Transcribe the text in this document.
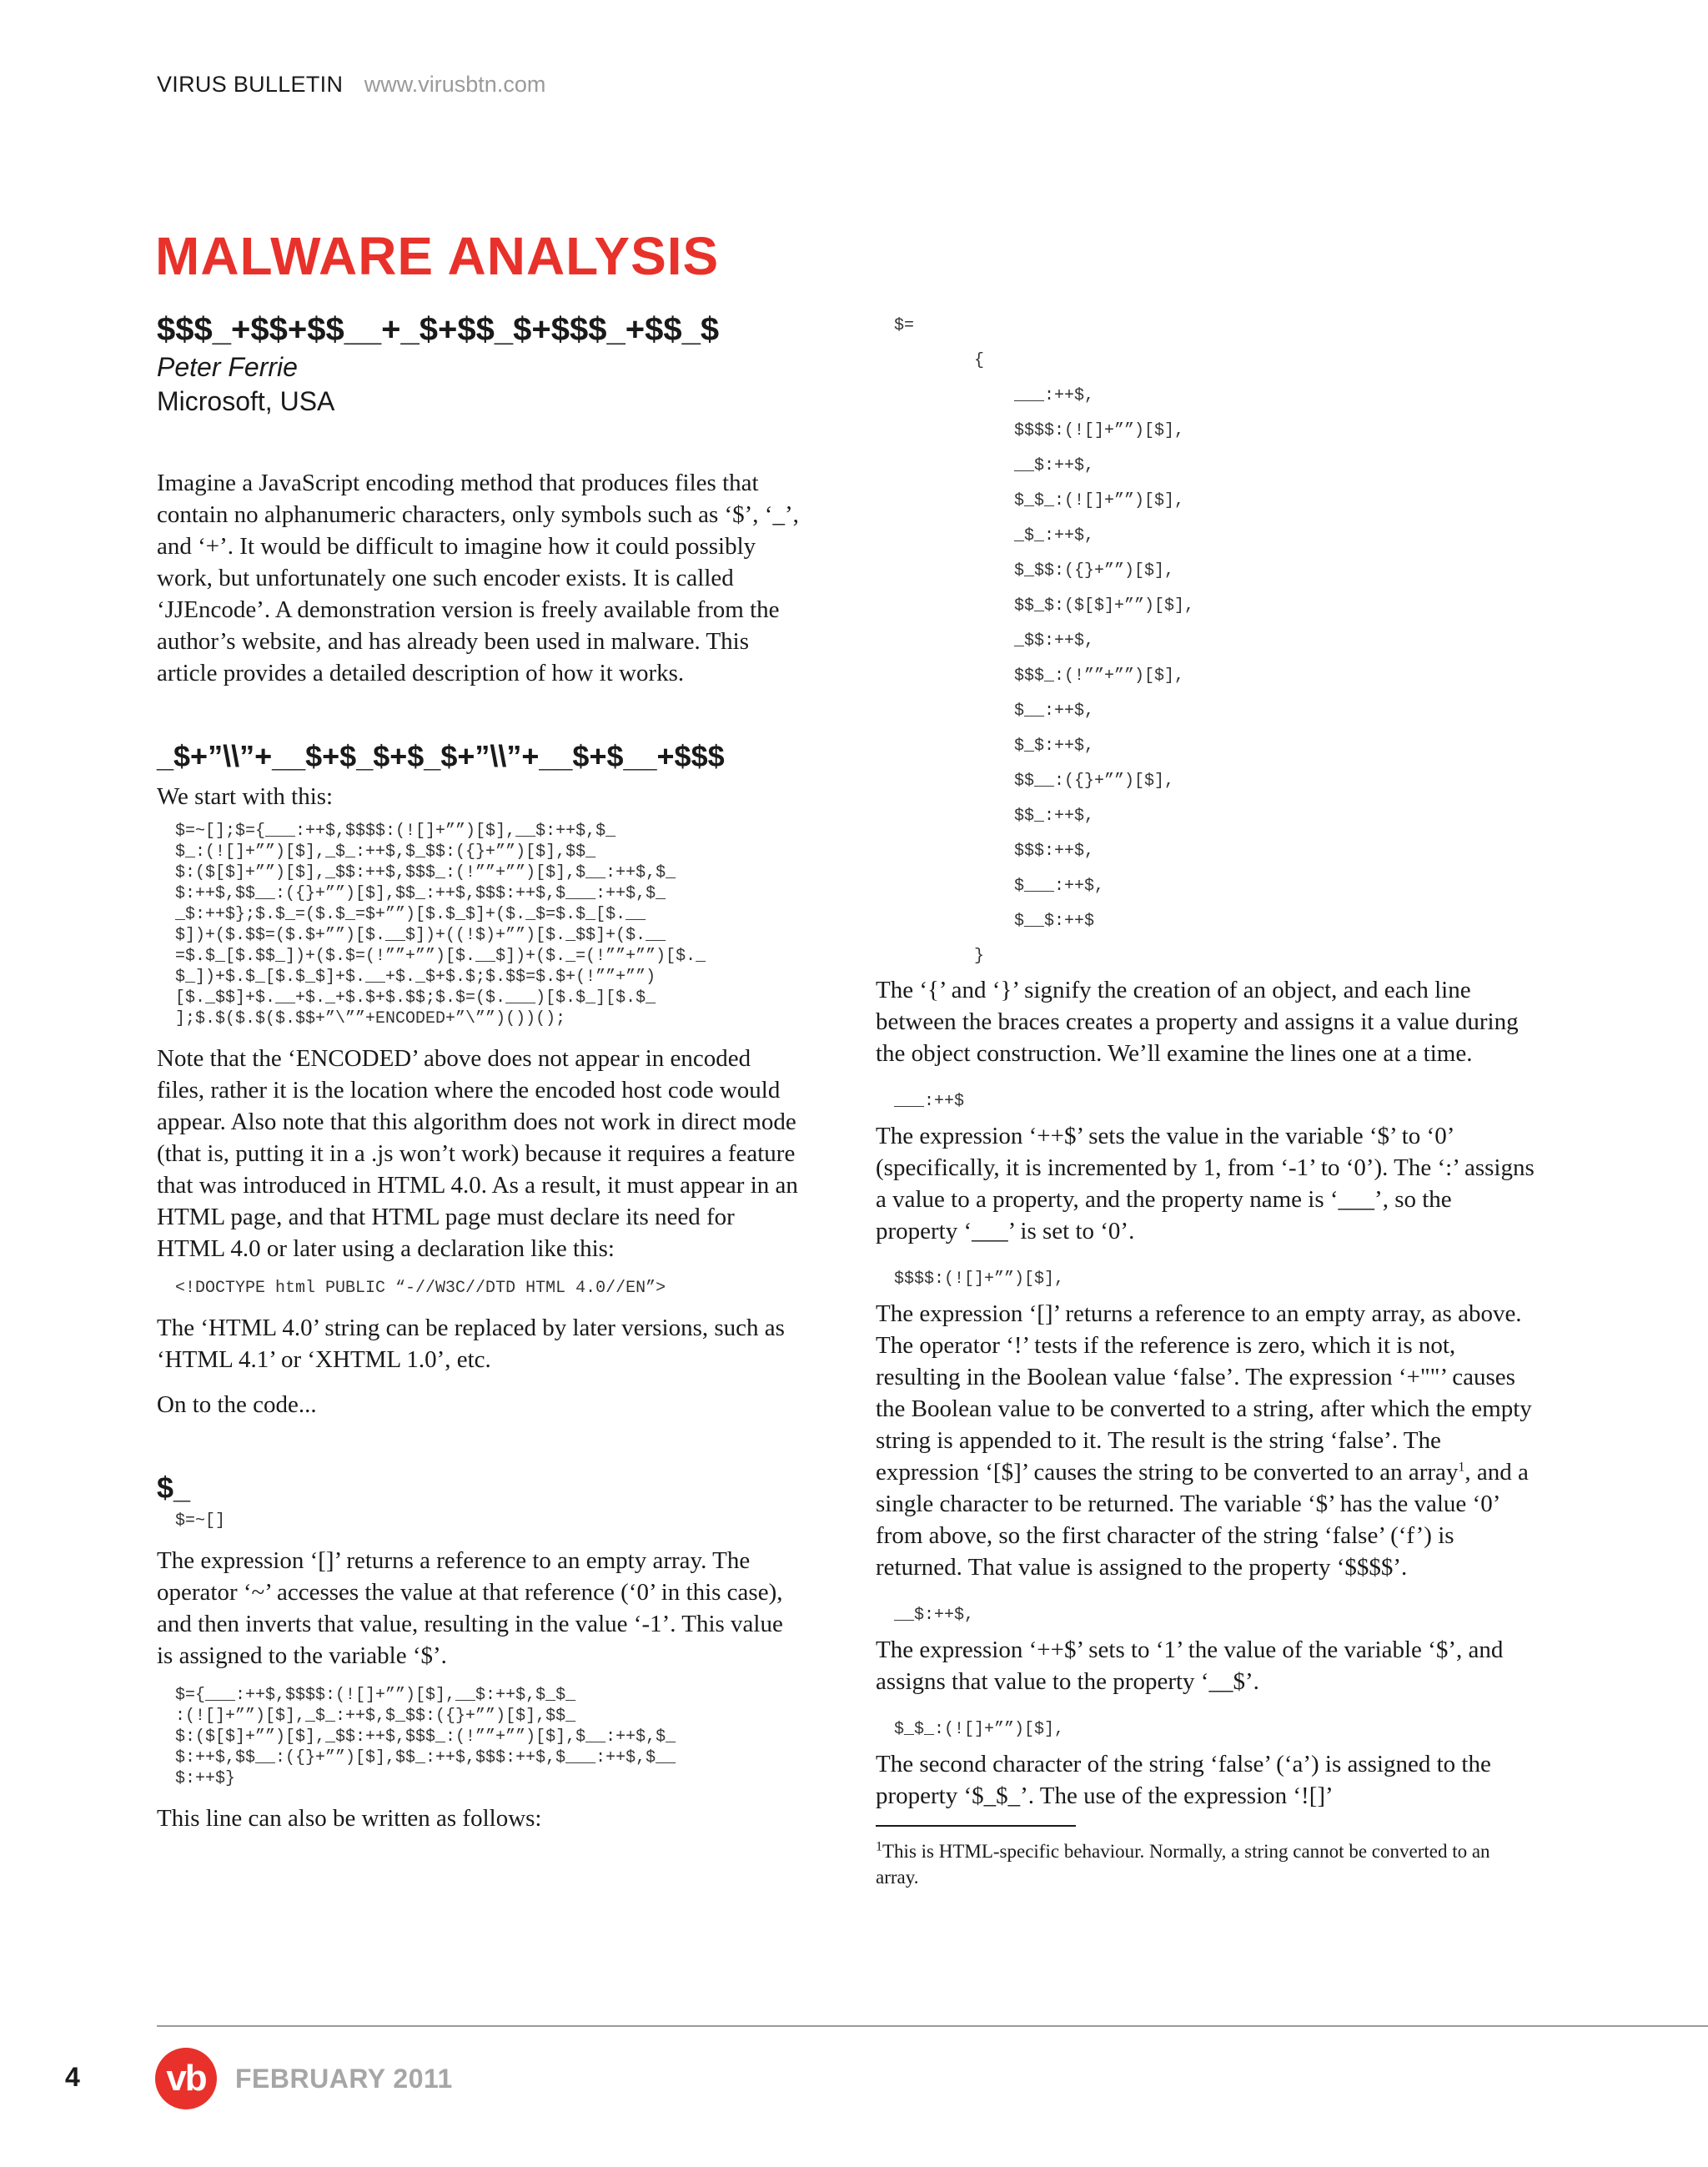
VIRUS BULLETIN www.virusbtn.com
MALWARE ANALYSIS
$$$_+$$+$$__+_$+$$_$+$$$_+$$_$
Peter Ferrie
Microsoft, USA

Imagine a JavaScript encoding method that produces files that contain no alphanumeric characters, only symbols such as ‘$’, ‘_’, and ‘+’. It would be difficult to imagine how it could possibly work, but unfortunately one such encoder exists. It is called ‘JJEncode’. A demonstration version is freely available from the author’s website, and has already been used in malware. This article provides a detailed description of how it works.

_$+”\\”+__$+$_$+$_$+”\\”+__$+$__+$$$

We start with this:

$=~[];$={___:++$,$$$$:(![]+””)[$],__$:++$,$_
$_:(![]+””)[$],_$_:++$,$_$$:({}+””)[$],$$_
$:($[$]+””)[$],_$$:++$,$$$_:(!””+””)[$],$__:++$,$_
$:++$,$$__:({}+””)[$],$$_:++$,$$$:++$,$___:++$,$_
_$:++$};$.$_=($.$_=$+””)[$.$_$]+($._$=$.$_[$.__
$])+($.$$=($.$+””)[$.__$])+((!$)+””)[$._$$]+($.__
=$.$_[$.$$_])+($.$=(!””+””)[$.__$])+($._=(!””+””)[$._
$_])+$.$_[$.$_$]+$.__+$._$+$.$;$.$$=$.$+(!””+””)
[$._$$]+$.__+$._+$.$+$.$$;$.$=($.___)[$.$_][$.$_
];$.$($.$($.$$+”\””+ENCODED+”\””)())();

Note that the ‘ENCODED’ above does not appear in encoded files, rather it is the location where the encoded host code would appear. Also note that this algorithm does not work in direct mode (that is, putting it in a .js won’t work) because it requires a feature that was introduced in HTML 4.0. As a result, it must appear in an HTML page, and that HTML page must declare its need for HTML 4.0 or later using a declaration like this:

<!DOCTYPE html PUBLIC “-//W3C//DTD HTML 4.0//EN”>

The ‘HTML 4.0’ string can be replaced by later versions, such as ‘HTML 4.1’ or ‘XHTML 1.0’, etc.

On to the code...

$_
$=~[]

The expression ‘[]’ returns a reference to an empty array. The operator ‘~’ accesses the value at that reference (‘0’ in this case), and then inverts that value, resulting in the value ‘-1’. This value is assigned to the variable ‘$’.

$={___:++$,$$$$:(![]+””)[$],__$:++$,$_$_
:(![]+””)[$],_$_:++$,$_$$:({}+””)[$],$$_
$:($[$]+””)[$],_$$:++$,$$$_:(!””+””)[$],$__:++$,$_
$:++$,$$__:({}+””)[$],$$_:++$,$$$:++$,$___:++$,$__
$:++$}

This line can also be written as follows:

$=
{
___:++$,
$$$$:(![]+””)[$],
__$:++$,
$_$_:(![]+””)[$],
_$_:++$,
$_$$:({}+””)[$],
$$_$:($[$]+””)[$],
_$$:++$,
$$$_:(!””+””)[$],
$__:++$,
$_$:++$,
$$__:({}+””)[$],
$$_:++$,
$$$:++$,
$___:++$,
$__$:++$
}

The ‘{’ and ‘}’ signify the creation of an object, and each line between the braces creates a property and assigns it a value during the object construction. We’ll examine the lines one at a time.

___:++$

The expression ‘++$’ sets the value in the variable ‘$’ to ‘0’ (specifically, it is incremented by 1, from ‘-1’ to ‘0’). The ‘:’ assigns a value to a property, and the property name is ‘___’, so the property ‘___’ is set to ‘0’.

$$$$:(![]+””)[$],

The expression ‘[]’ returns a reference to an empty array, as above. The operator ‘!’ tests if the reference is zero, which it is not, resulting in the Boolean value ‘false’. The expression ‘+""’ causes the Boolean value to be converted to a string, after which the empty string is appended to it. The result is the string ‘false’. The expression ‘[$]’ causes the string to be converted to an array$^1$, and a single character to be returned. The variable ‘$’ has the value ‘0’ from above, so the first character of the string ‘false’ (‘f’) is returned. That value is assigned to the property ‘$$$$’.

__$:++$,

The expression ‘++$’ sets to ‘1’ the value of the variable ‘$’, and assigns that value to the property ‘__$’.

$_$_:(![]+””)[$],

The second character of the string ‘false’ (‘a’) is assigned to the property ‘$_$_’. The use of the expression ‘![]’

$^1$This is HTML-specific behaviour. Normally, a string cannot be converted to an array.
4	vb	FEBRUARY 2011
